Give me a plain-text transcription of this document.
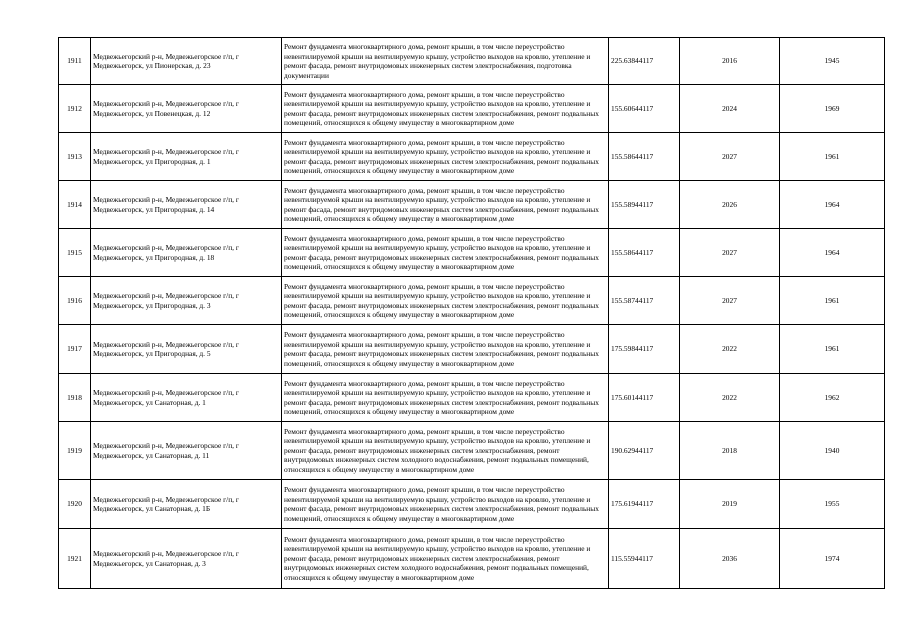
1911	Медвежьегорский р-н, Медвежьегорское г/п, г Медвежьегорск, ул Пионерская, д. 23	Ремонт фундамента многоквартирного дома, ремонт крыши, в том числе переустройство невентилируемой крыши на вентилируемую крышу, устройство выходов на кровлю, утепление и ремонт фасада, ремонт внутридомовых инженерных систем электроснабжения, подготовка документации	225.63844117	2016	1945
1912	Медвежьегорский р-н, Медвежьегорское г/п, г Медвежьегорск, ул Повенецкая, д. 12	Ремонт фундамента многоквартирного дома, ремонт крыши, в том числе переустройство невентилируемой крыши на вентилируемую крышу, устройство выходов на кровлю, утепление и ремонт фасада, ремонт внутридомовых инженерных систем электроснабжения, ремонт подвальных помещений, относящихся к общему имуществу в многоквартирном доме	155.60644117	2024	1969
1913	Медвежьегорский р-н, Медвежьегорское г/п, г Медвежьегорск, ул Пригородная, д. 1	Ремонт фундамента многоквартирного дома, ремонт крыши, в том числе переустройство невентилируемой крыши на вентилируемую крышу, устройство выходов на кровлю, утепление и ремонт фасада, ремонт внутридомовых инженерных систем электроснабжения, ремонт подвальных помещений, относящихся к общему имуществу в многоквартирном доме	155.58644117	2027	1961
1914	Медвежьегорский р-н, Медвежьегорское г/п, г Медвежьегорск, ул Пригородная, д. 14	Ремонт фундамента многоквартирного дома, ремонт крыши, в том числе переустройство невентилируемой крыши на вентилируемую крышу, устройство выходов на кровлю, утепление и ремонт фасада, ремонт внутридомовых инженерных систем электроснабжения, ремонт подвальных помещений, относящихся к общему имуществу в многоквартирном доме	155.58944117	2026	1964
1915	Медвежьегорский р-н, Медвежьегорское г/п, г Медвежьегорск, ул Пригородная, д. 18	Ремонт фундамента многоквартирного дома, ремонт крыши, в том числе переустройство невентилируемой крыши на вентилируемую крышу, устройство выходов на кровлю, утепление и ремонт фасада, ремонт внутридомовых инженерных систем электроснабжения, ремонт подвальных помещений, относящихся к общему имуществу в многоквартирном доме	155.58644117	2027	1964
1916	Медвежьегорский р-н, Медвежьегорское г/п, г Медвежьегорск, ул Пригородная, д. 3	Ремонт фундамента многоквартирного дома, ремонт крыши, в том числе переустройство невентилируемой крыши на вентилируемую крышу, устройство выходов на кровлю, утепление и ремонт фасада, ремонт внутридомовых инженерных систем электроснабжения, ремонт подвальных помещений, относящихся к общему имуществу в многоквартирном доме	155.58744117	2027	1961
1917	Медвежьегорский р-н, Медвежьегорское г/п, г Медвежьегорск, ул Пригородная, д. 5	Ремонт фундамента многоквартирного дома, ремонт крыши, в том числе переустройство невентилируемой крыши на вентилируемую крышу, устройство выходов на кровлю, утепление и ремонт фасада, ремонт внутридомовых инженерных систем электроснабжения, ремонт подвальных помещений, относящихся к общему имуществу в многоквартирном доме	175.59844117	2022	1961
1918	Медвежьегорский р-н, Медвежьегорское г/п, г Медвежьегорск, ул Санаторная, д. 1	Ремонт фундамента многоквартирного дома, ремонт крыши, в том числе переустройство невентилируемой крыши на вентилируемую крышу, устройство выходов на кровлю, утепление и ремонт фасада, ремонт внутридомовых инженерных систем электроснабжения, ремонт подвальных помещений, относящихся к общему имуществу в многоквартирном доме	175.60144117	2022	1962
1919	Медвежьегорский р-н, Медвежьегорское г/п, г Медвежьегорск, ул Санаторная, д. 11	Ремонт фундамента многоквартирного дома, ремонт крыши, в том числе переустройство невентилируемой крыши на вентилируемую крышу, устройство выходов на кровлю, утепление и ремонт фасада, ремонт внутридомовых инженерных систем электроснабжения, ремонт внутридомовых инженерных систем холодного водоснабжения, ремонт подвальных помещений, относящихся к общему имуществу в многоквартирном доме	190.62944117	2018	1940
1920	Медвежьегорский р-н, Медвежьегорское г/п, г Медвежьегорск, ул Санаторная, д. 1Б	Ремонт фундамента многоквартирного дома, ремонт крыши, в том числе переустройство невентилируемой крыши на вентилируемую крышу, устройство выходов на кровлю, утепление и ремонт фасада, ремонт внутридомовых инженерных систем электроснабжения, ремонт подвальных помещений, относящихся к общему имуществу в многоквартирном доме	175.61944117	2019	1955
1921	Медвежьегорский р-н, Медвежьегорское г/п, г Медвежьегорск, ул Санаторная, д. 3	Ремонт фундамента многоквартирного дома, ремонт крыши, в том числе переустройство невентилируемой крыши на вентилируемую крышу, устройство выходов на кровлю, утепление и ремонт фасада, ремонт внутридомовых инженерных систем электроснабжения, ремонт внутридомовых инженерных систем холодного водоснабжения, ремонт подвальных помещений, относящихся к общему имуществу в многоквартирном доме	115.55944117	2036	1974
